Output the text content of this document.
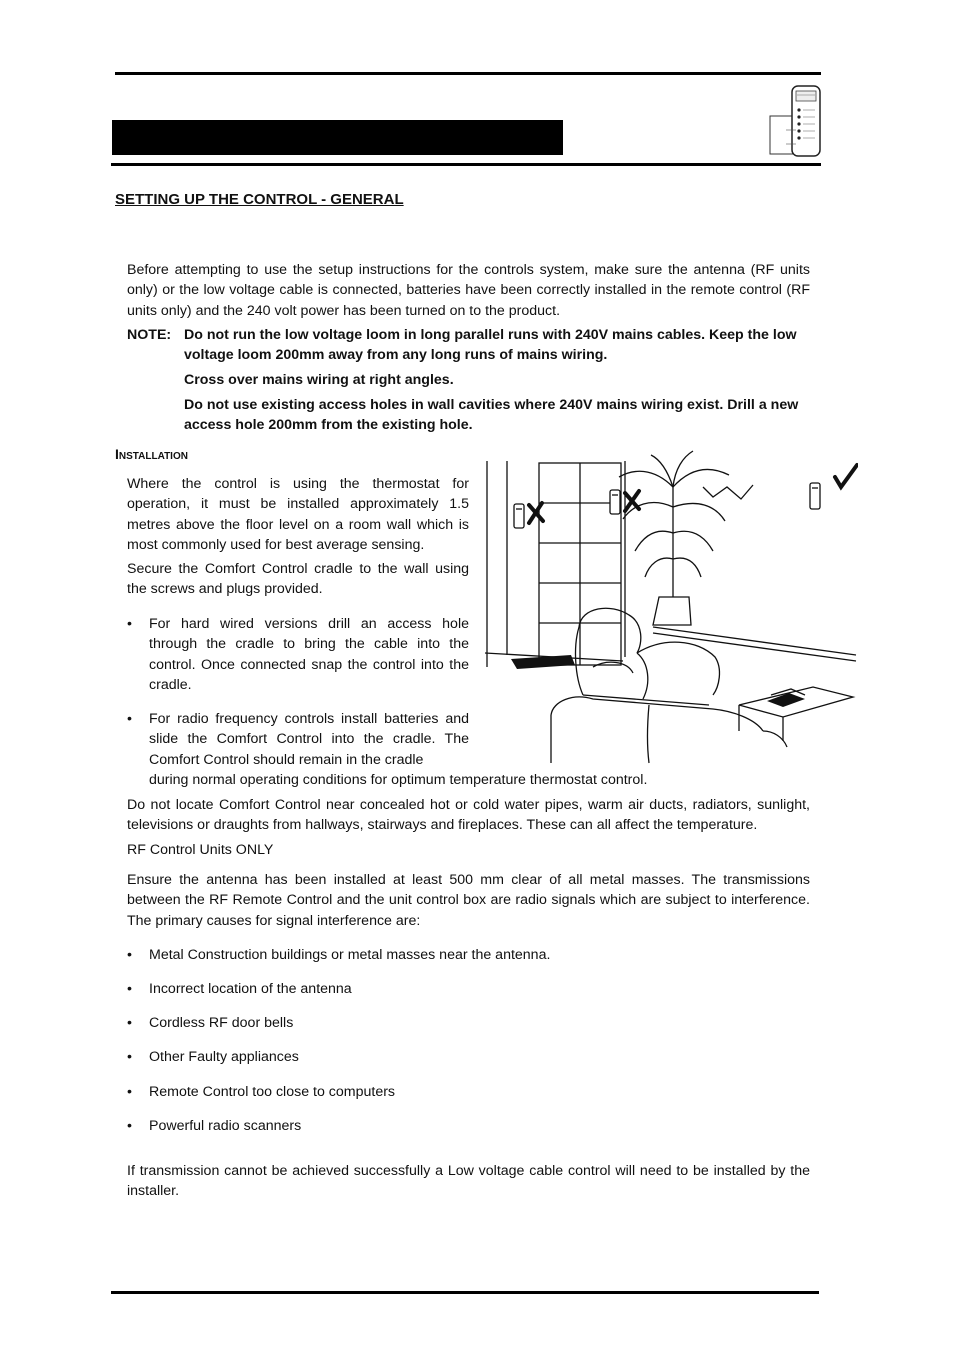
SETTING UP THE CONTROL - GENERAL
Before attempting to use the setup instructions for the controls system, make sure the antenna (RF units only) or the low voltage cable is connected, batteries have been correctly installed in the remote control (RF units only) and the 240 volt power has been turned on to the product.
NOTE: Do not run the low voltage loom in long parallel runs with 240V mains cables. Keep the low voltage loom 200mm away from any long runs of mains wiring.
Cross over mains wiring at right angles.
Do not use existing access holes in wall cavities where 240V mains wiring exist. Drill a new access hole 200mm from the existing hole.
Installation
Where the control is using the thermostat for operation, it must be installed approximately 1.5 metres above the floor level on a room wall which is most commonly used for best average sensing.
Secure the Comfort Control cradle to the wall using the screws and plugs provided.
• For hard wired versions drill an access hole through the cradle to bring the cable into the control. Once connected snap the control into the cradle.
• For radio frequency controls install batteries and slide the Comfort Control into the cradle. The Comfort Control should remain in the cradle
during normal operating conditions for optimum temperature thermostat control.
Do not locate Comfort Control near concealed hot or cold water pipes, warm air ducts, radiators, sunlight, televisions or draughts from hallways, stairways and fireplaces. These can all affect the temperature.
RF Control Units ONLY
Ensure the antenna has been installed at least 500 mm clear of all metal masses. The transmissions between the RF Remote Control and the unit control box are radio signals which are subject to interference. The primary causes for signal interference are:
• Metal Construction buildings or metal masses near the antenna.
• Incorrect location of the antenna
• Cordless RF door bells
• Other Faulty appliances
• Remote Control too close to computers
• Powerful radio scanners
If transmission cannot be achieved successfully a Low voltage cable control will need to be installed by the installer.
